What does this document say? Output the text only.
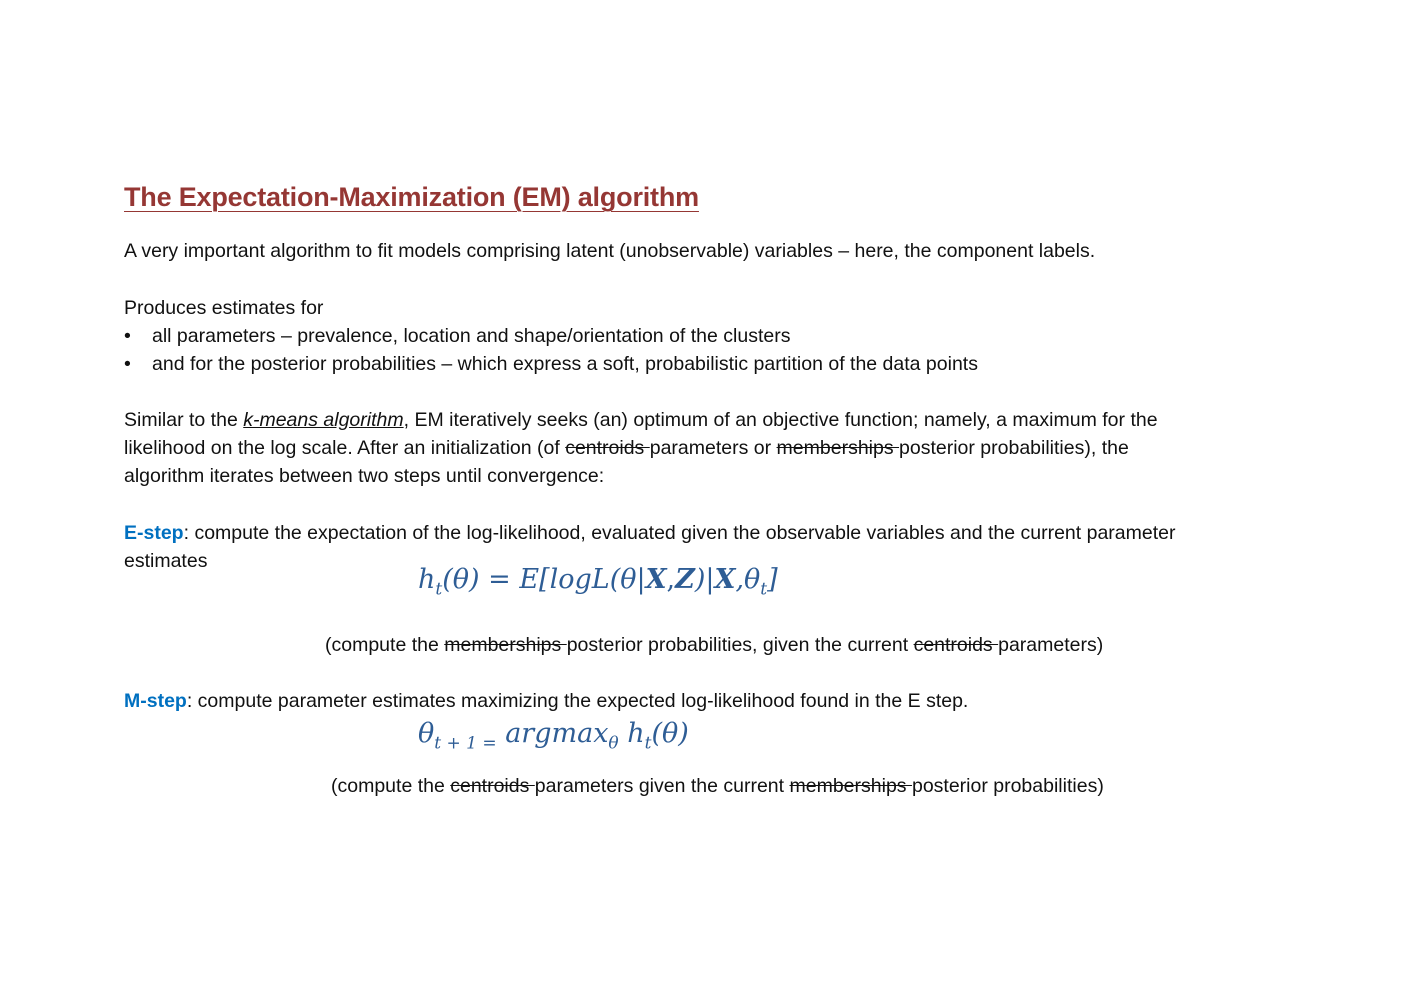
The Expectation-Maximization (EM) algorithm
A very important algorithm to fit models comprising latent (unobservable) variables – here, the component labels.
Produces estimates for
• all parameters – prevalence, location and shape/orientation of the clusters
• and for the posterior probabilities – which express a soft, probabilistic partition of the data points
Similar to the k-means algorithm, EM iteratively seeks (an) optimum of an objective function; namely, a maximum for the
likelihood on the log scale. After an initialization (of centroids parameters or memberships posterior probabilities), the
algorithm iterates between two steps until convergence:
E-step: compute the expectation of the log-likelihood, evaluated given the observable variables and the current parameter
estimates
$h_t(\theta) = E[\log L(\theta|X,Z)|X,\theta_t]$
(compute the memberships posterior probabilities, given the current centroids parameters)
M-step: compute parameter estimates maximizing the expected log-likelihood found in the E step.
$\theta_{t + 1 =}$ argmax$_\theta$ $h_t(\theta)$
(compute the centroids parameters given the current memberships posterior probabilities)
